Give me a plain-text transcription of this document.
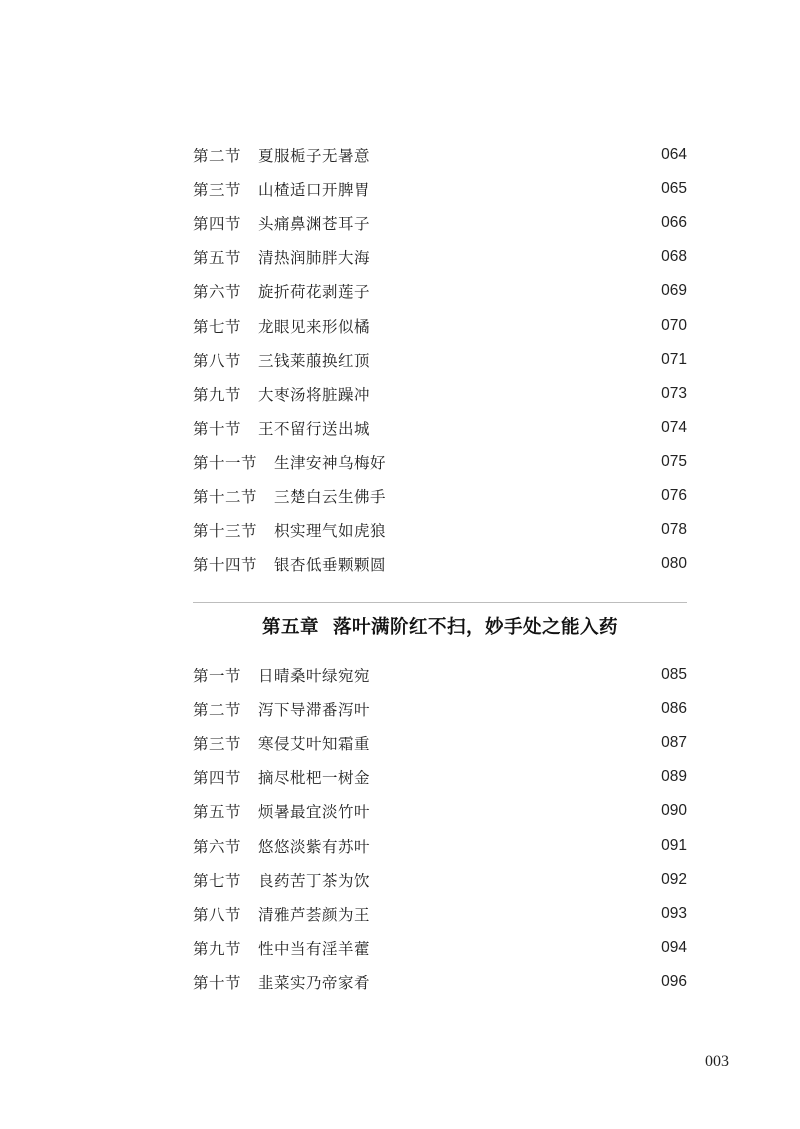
第二节 夏服栀子无暑意	064
第三节 山楂适口开脾胃	065
第四节 头痛鼻渊苍耳子	066
第五节 清热润肺胖大海	068
第六节 旋折荷花剥莲子	069
第七节 龙眼见来形似橘	070
第八节 三钱莱菔换红顶	071
第九节 大枣汤将脏躁冲	073
第十节 王不留行送出城	074
第十一节 生津安神乌梅好	075
第十二节 三楚白云生佛手	076
第十三节 枳实理气如虎狼	078
第十四节 银杏低垂颗颗圆	080
第五章 落叶满阶红不扫，妙手处之能入药
第一节 日晴桑叶绿宛宛	085
第二节 泻下导滞番泻叶	086
第三节 寒侵艾叶知霜重	087
第四节 摘尽枇杷一树金	089
第五节 烦暑最宜淡竹叶	090
第六节 悠悠淡紫有苏叶	091
第七节 良药苦丁茶为饮	092
第八节 清雅芦荟颜为王	093
第九节 性中当有淫羊藿	094
第十节 韭菜实乃帝家肴	096
003
